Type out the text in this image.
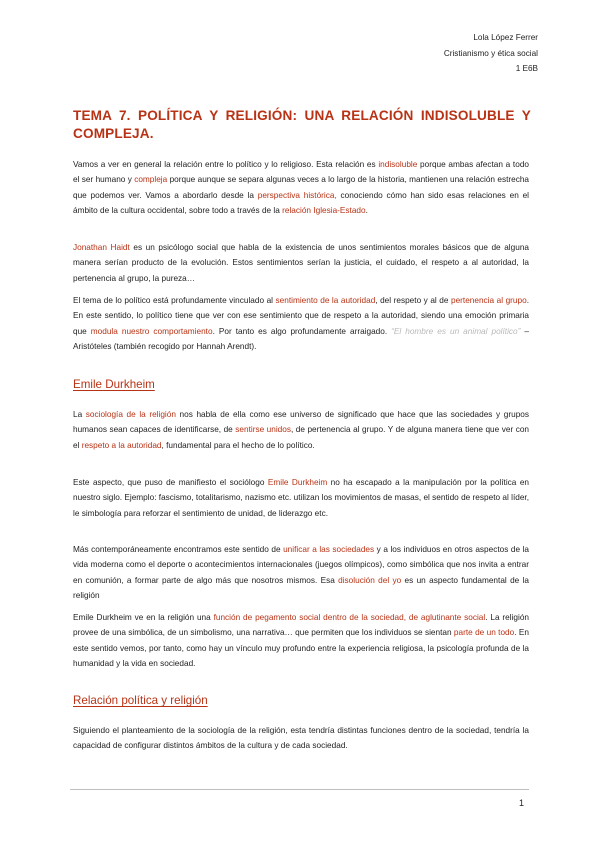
Lola López Ferrer
Cristianismo y ética social
1 E6B
TEMA 7. POLÍTICA Y RELIGIÓN: UNA RELACIÓN INDISOLUBLE Y COMPLEJA.
Vamos a ver en general la relación entre lo político y lo religioso. Esta relación es indisoluble porque ambas afectan a todo el ser humano y compleja porque aunque se separa algunas veces a lo largo de la historia, mantienen una relación estrecha que podemos ver. Vamos a abordarlo desde la perspectiva histórica, conociendo cómo han sido esas relaciones en el ámbito de la cultura occidental, sobre todo a través de la relación Iglesia-Estado.
Jonathan Haidt es un psicólogo social que habla de la existencia de unos sentimientos morales básicos que de alguna manera serían producto de la evolución. Estos sentimientos serían la justicia, el cuidado, el respeto a al autoridad, la pertenencia al grupo, la pureza…
El tema de lo político está profundamente vinculado al sentimiento de la autoridad, del respeto y al de pertenencia al grupo. En este sentido, lo político tiene que ver con ese sentimiento que de respeto a la autoridad, siendo una emoción primaria que modula nuestro comportamiento. Por tanto es algo profundamente arraigado. “El hombre es un animal político” –Aristóteles (también recogido por Hannah Arendt).
Emile Durkheim
La sociología de la religión nos habla de ella como ese universo de significado que hace que las sociedades y grupos humanos sean capaces de identificarse, de sentirse unidos, de pertenencia al grupo. Y de alguna manera tiene que ver con el respeto a la autoridad, fundamental para el hecho de lo político.
Este aspecto, que puso de manifiesto el sociólogo Emile Durkheim no ha escapado a la manipulación por la política en nuestro siglo. Ejemplo: fascismo, totalitarismo, nazismo etc. utilizan los movimientos de masas, el sentido de respeto al líder, le simbología para reforzar el sentimiento de unidad, de liderazgo etc.
Más contemporáneamente encontramos este sentido de unificar a las sociedades y a los individuos en otros aspectos de la vida moderna como el deporte o acontecimientos internacionales (juegos olímpicos), como simbólica que nos invita a entrar en comunión, a formar parte de algo más que nosotros mismos. Esa disolución del yo es un aspecto fundamental de la religión
Emile Durkheim ve en la religión una función de pegamento social dentro de la sociedad, de aglutinante social. La religión provee de una simbólica, de un simbolismo, una narrativa… que permiten que los individuos se sientan parte de un todo. En este sentido vemos, por tanto, como hay un vínculo muy profundo entre la experiencia religiosa, la psicología profunda de la humanidad y la vida en sociedad.
Relación política y religión
Siguiendo el planteamiento de la sociología de la religión, esta tendría distintas funciones dentro de la sociedad, tendría la capacidad de configurar distintos ámbitos de la cultura y de cada sociedad.
1
